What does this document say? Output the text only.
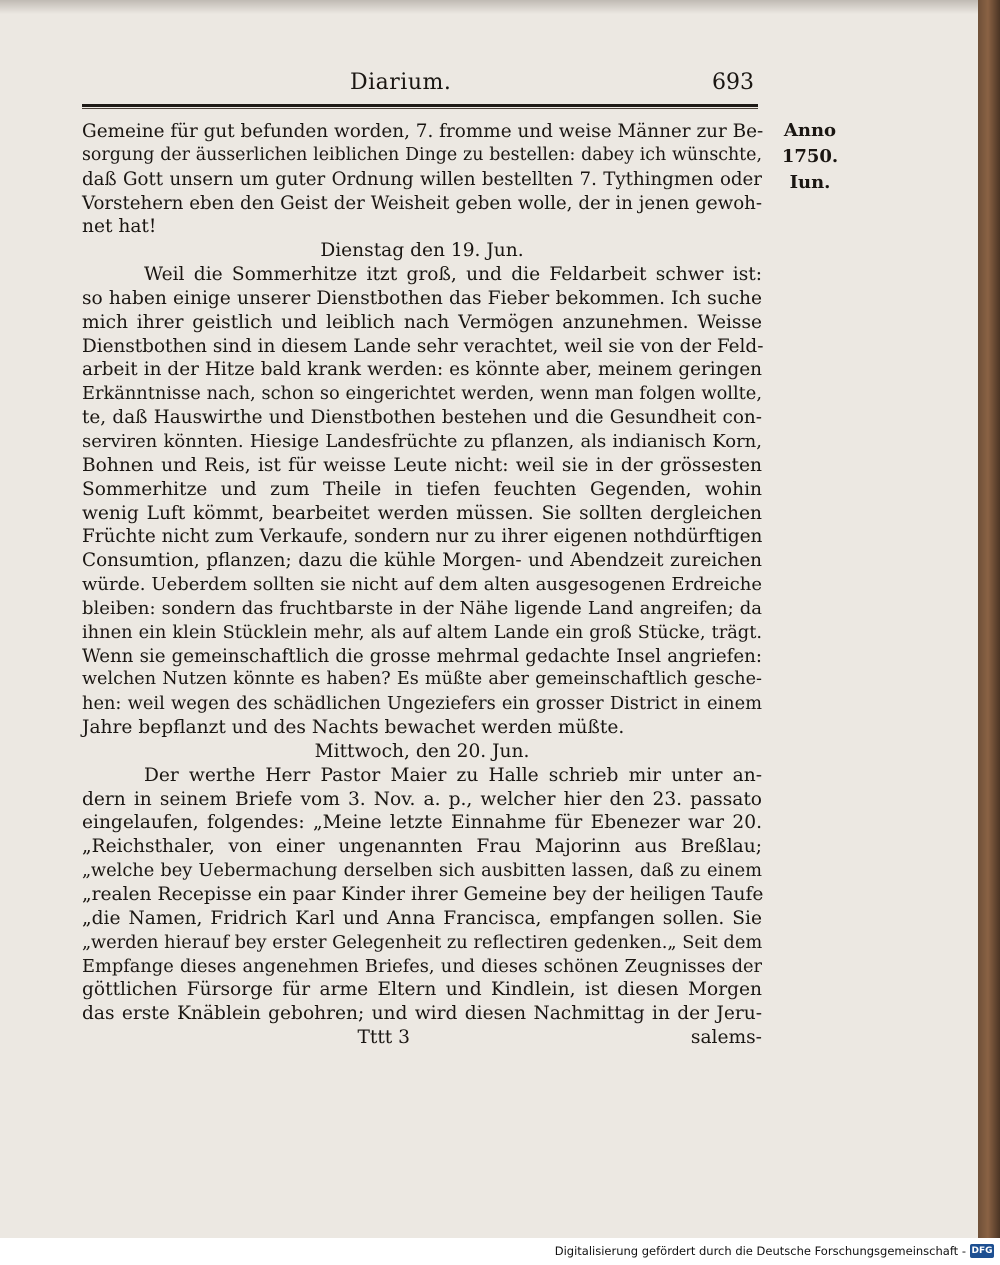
Diarium.	693
Anno
1750.
Iun.
Gemeine für gut befunden worden, 7. fromme und weise Männer zur Be-
sorgung der äusserlichen leiblichen Dinge zu bestellen: dabey ich wünschte,
daß Gott unsern um guter Ordnung willen bestellten 7. Tythingmen oder
Vorstehern eben den Geist der Weisheit geben wolle, der in jenen gewoh-
net hat!
Dienstag den 19. Jun.
Weil die Sommerhitze itzt groß, und die Feldarbeit schwer ist:
so haben einige unserer Dienstbothen das Fieber bekommen. Ich suche
mich ihrer geistlich und leiblich nach Vermögen anzunehmen. Weisse
Dienstbothen sind in diesem Lande sehr verachtet, weil sie von der Feld-
arbeit in der Hitze bald krank werden: es könnte aber, meinem geringen
Erkänntnisse nach, schon so eingerichtet werden, wenn man folgen wollte,
te, daß Hauswirthe und Dienstbothen bestehen und die Gesundheit con-
serviren könnten. Hiesige Landesfrüchte zu pflanzen, als indianisch Korn,
Bohnen und Reis, ist für weisse Leute nicht: weil sie in der grössesten
Sommerhitze und zum Theile in tiefen feuchten Gegenden, wohin
wenig Luft kömmt, bearbeitet werden müssen. Sie sollten dergleichen
Früchte nicht zum Verkaufe, sondern nur zu ihrer eigenen nothdürftigen
Consumtion, pflanzen; dazu die kühle Morgen- und Abendzeit zureichen
würde. Ueberdem sollten sie nicht auf dem alten ausgesogenen Erdreiche
bleiben: sondern das fruchtbarste in der Nähe ligende Land angreifen; da
ihnen ein klein Stücklein mehr, als auf altem Lande ein groß Stücke, trägt.
Wenn sie gemeinschaftlich die grosse mehrmal gedachte Insel angriefen:
welchen Nutzen könnte es haben? Es müßte aber gemeinschaftlich gesche-
hen: weil wegen des schädlichen Ungeziefers ein grosser District in einem
Jahre bepflanzt und des Nachts bewachet werden müßte.
Mittwoch, den 20. Jun.
Der werthe Herr Pastor Maier zu Halle schrieb mir unter an-
dern in seinem Briefe vom 3. Nov. a. p., welcher hier den 23. passato
eingelaufen, folgendes: „Meine letzte Einnahme für Ebenezer war 20.
„Reichsthaler, von einer ungenannten Frau Majorinn aus Breßlau;
„welche bey Uebermachung derselben sich ausbitten lassen, daß zu einem
„realen Recepisse ein paar Kinder ihrer Gemeine bey der heiligen Taufe
„die Namen, Fridrich Karl und Anna Francisca, empfangen sollen. Sie
„werden hierauf bey erster Gelegenheit zu reflectiren gedenken.„ Seit dem
Empfange dieses angenehmen Briefes, und dieses schönen Zeugnisses der
göttlichen Fürsorge für arme Eltern und Kindlein, ist diesen Morgen
das erste Knäblein gebohren; und wird diesen Nachmittag in der Jeru-
Tttt 3	salems-
Digitalisierung gefördert durch die Deutsche Forschungsgemeinschaft - DFG
